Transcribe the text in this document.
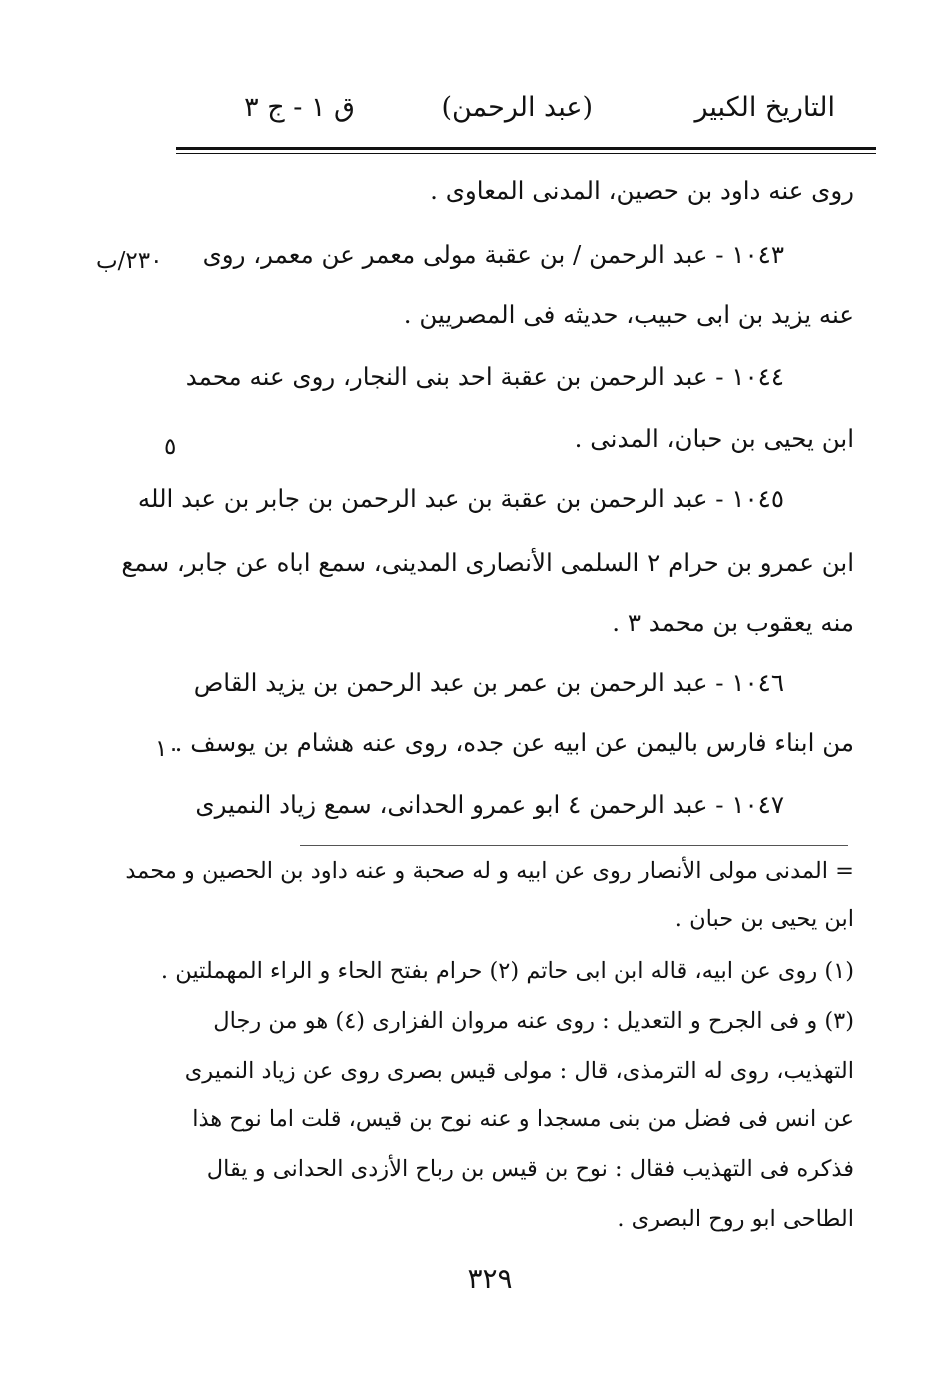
التاريخ الكبير
(عبد الرحمن)
ق ١ - ج ٣
روى عنه داود بن حصين، المدنى المعاوى .
١٠٤٣ - عبد الرحمن / بن عقبة مولى معمر عن معمر، روى
عنه يزيد بن ابى حبيب، حديثه فى المصريين .
١٠٤٤ - عبد الرحمن بن عقبة احد بنى النجار، روى عنه محمد
ابن يحيى بن حبان، المدنى .
١٠٤٥ - عبد الرحمن بن عقبة بن عبد الرحمن بن جابر بن عبد الله
ابن عمرو بن حرام ٢ السلمى الأنصارى المدينى، سمع اباه عن جابر، سمع
منه يعقوب بن محمد ٣ .
١٠٤٦ - عبد الرحمن بن عمر بن عبد الرحمن بن يزيد القاص
من ابناء فارس باليمن عن ابيه عن جده، روى عنه هشام بن يوسف .
١٠٤٧ - عبد الرحمن ٤ ابو عمرو الحدانى، سمع زياد النميرى
٢٣٠/ب
٥
١٠
= المدنى مولى الأنصار روى عن ابيه و له صحبة و عنه داود بن الحصين و محمد
ابن يحيى بن حبان .
(١) روى عن ابيه، قاله ابن ابى حاتم (٢) حرام بفتح الحاء و الراء المهملتين .
(٣) و فى الجرح و التعديل : روى عنه مروان الفزارى (٤) هو من رجال
التهذيب، روى له الترمذى، قال : مولى قيس بصرى روى عن زياد النميرى
عن انس فى فضل من بنى مسجدا و عنه نوح بن قيس، قلت اما نوح هذا
فذكره فى التهذيب فقال : نوح بن قيس بن رباح الأزدى الحدانى و يقال
الطاحى ابو روح البصرى .
٣٢٩
